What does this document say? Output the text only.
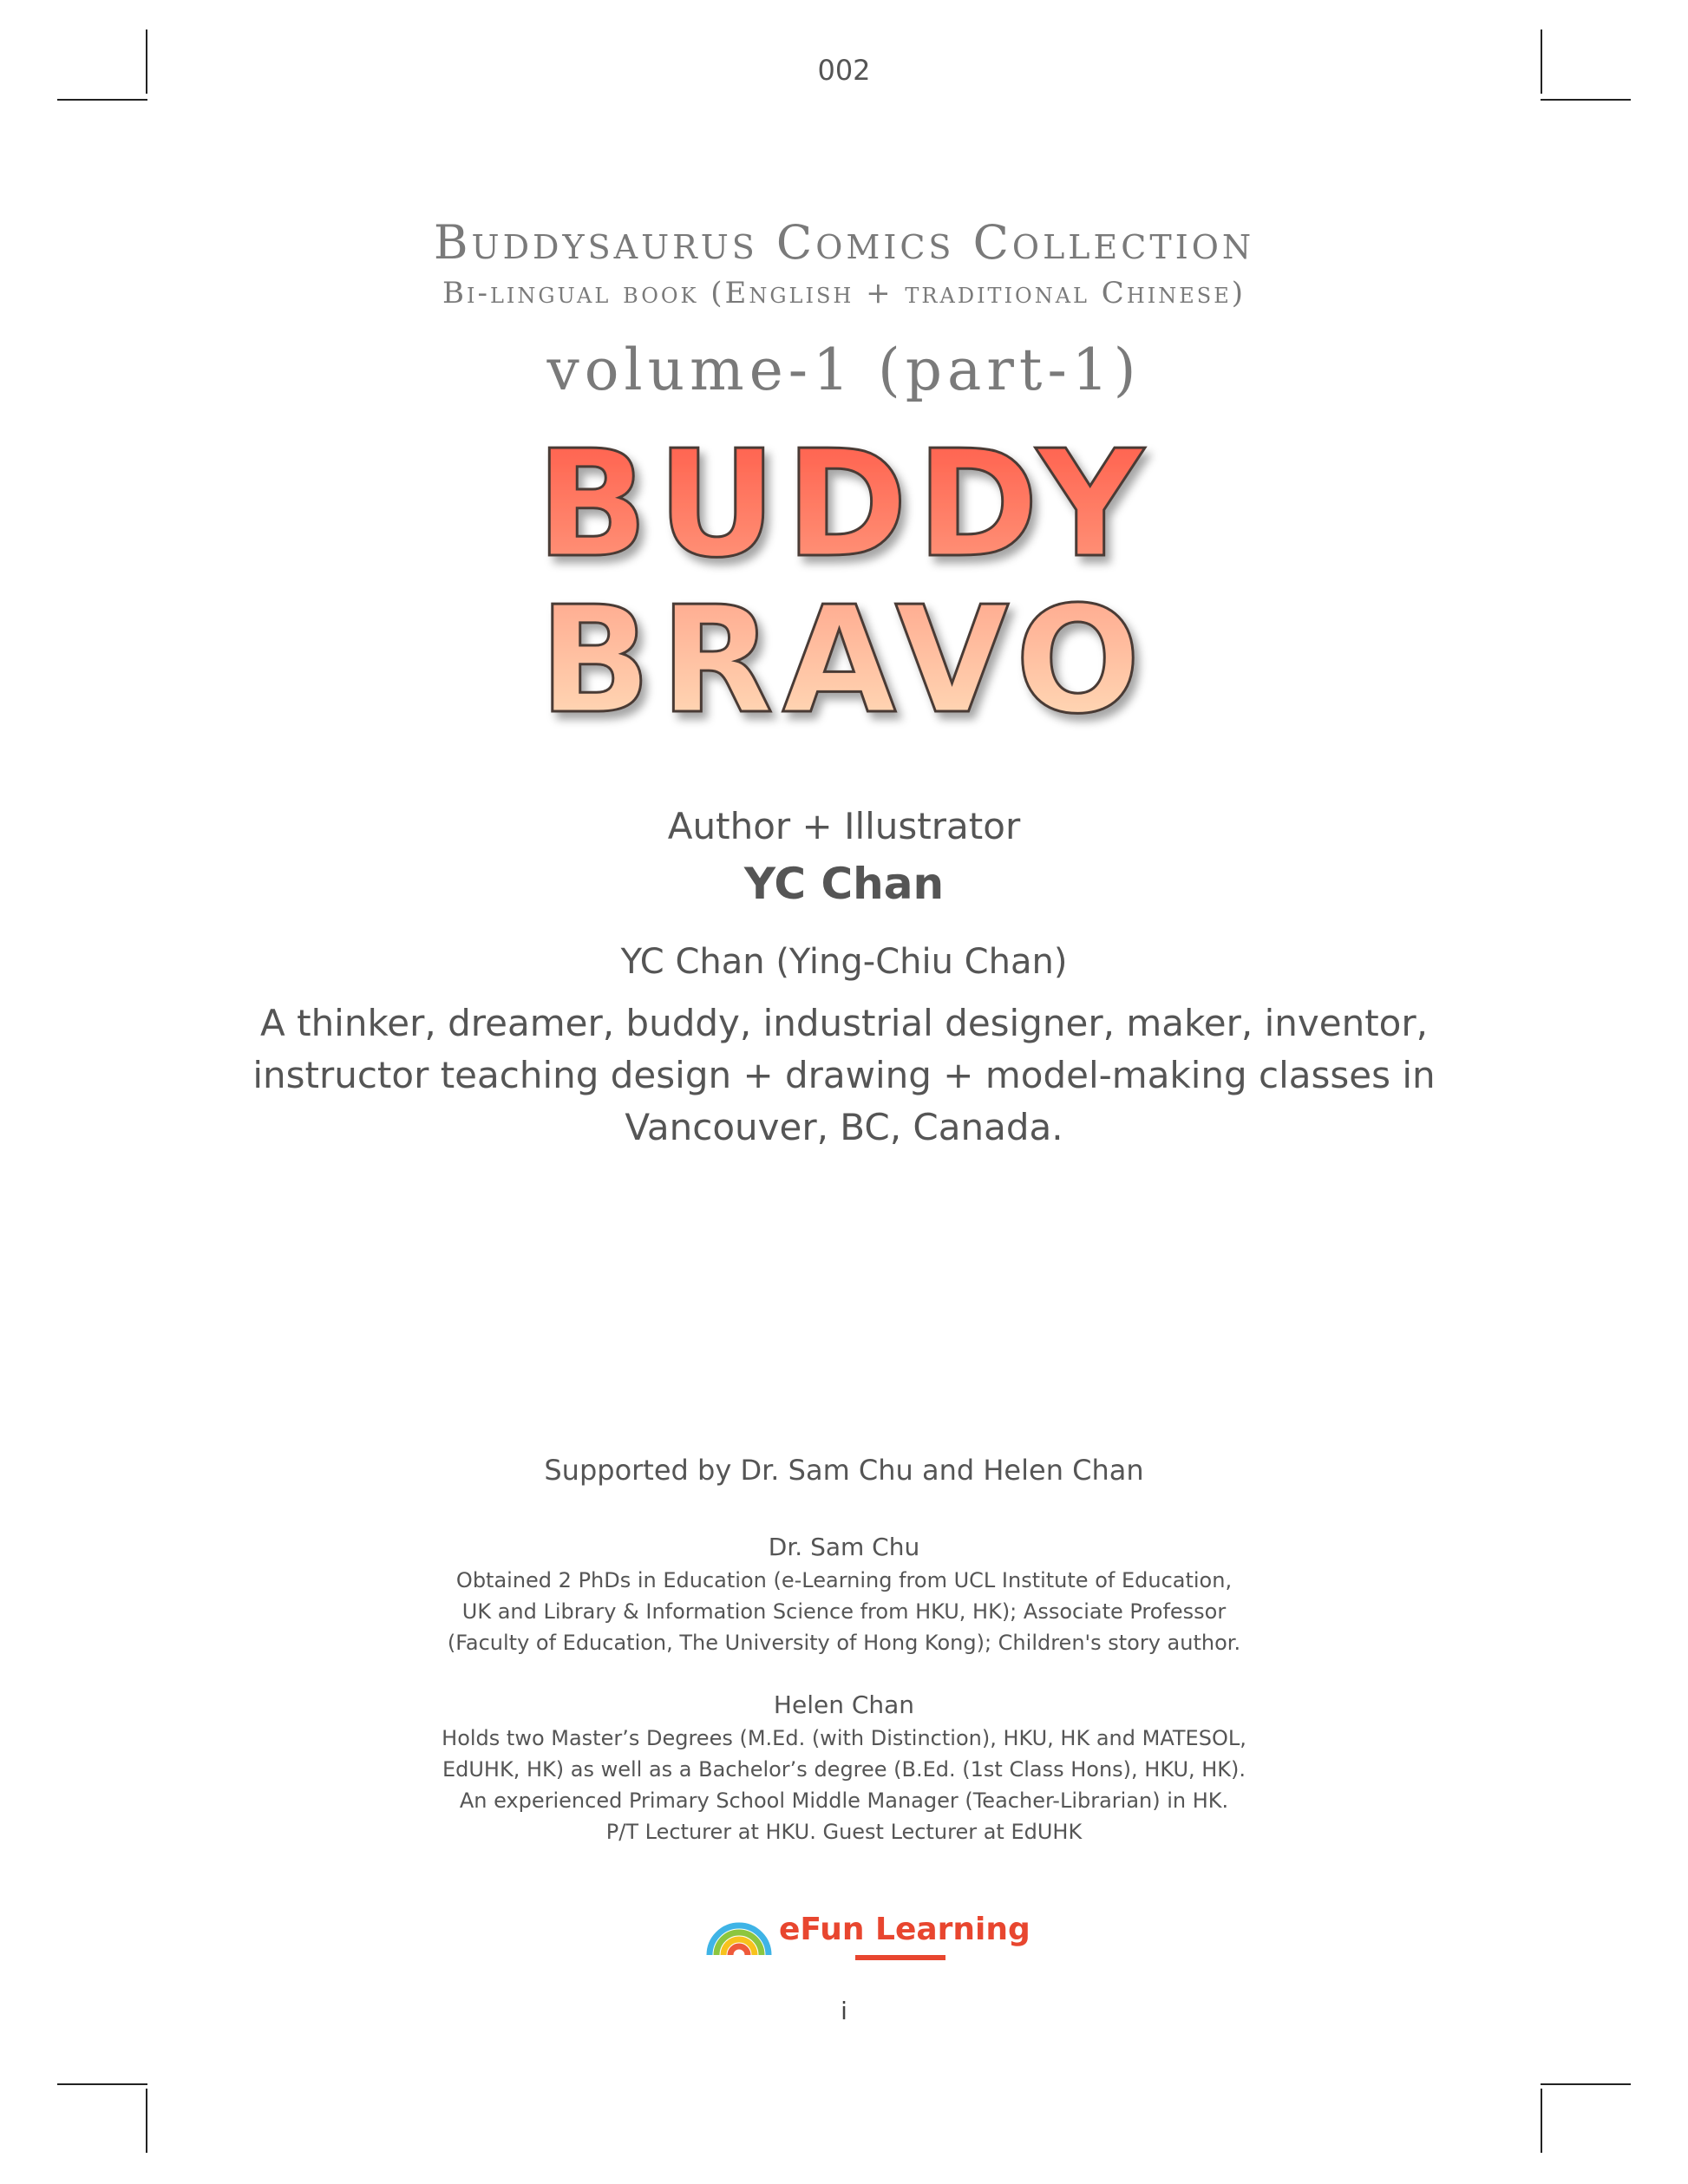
002
Buddysaurus Comics Collection
Bi-lingual book (English + traditional Chinese)
volume-1 (part-1)
BUDDY
BRAVO
Author + Illustrator
YC Chan
YC Chan (Ying-Chiu Chan)
A thinker, dreamer, buddy, industrial designer, maker, inventor,
instructor teaching design + drawing + model-making classes in
Vancouver, BC, Canada.
Supported by Dr. Sam Chu and Helen Chan
Dr. Sam Chu
Obtained 2 PhDs in Education (e-Learning from UCL Institute of Education,
UK and Library & Information Science from HKU, HK); Associate Professor
(Faculty of Education, The University of Hong Kong); Children's story author.
Helen Chan
Holds two Master’s Degrees (M.Ed. (with Distinction), HKU, HK and MATESOL,
EdUHK, HK) as well as a Bachelor’s degree (B.Ed. (1st Class Hons), HKU, HK).
An experienced Primary School Middle Manager (Teacher-Librarian) in HK.
P/T Lecturer at HKU. Guest Lecturer at EdUHK
eFun Learning
i
